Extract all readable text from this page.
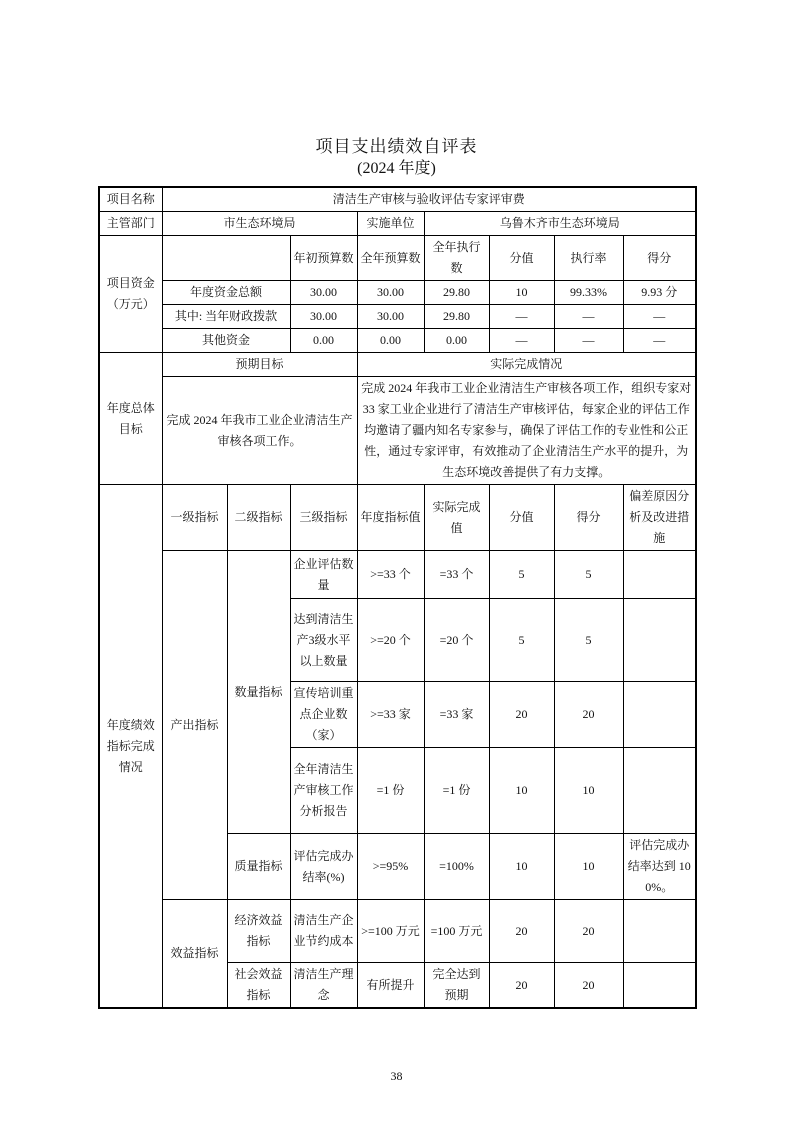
项目支出绩效自评表
(2024 年度)
项目名称	清洁生产审核与验收评估专家评审费							
主管部门	市生态环境局			实施单位	乌鲁木齐市生态环境局			
项目资金（万元）			年初预算数	全年预算数	全年执行数	分值	执行率	得分
	年度资金总额		30.00	30.00	29.80	10	99.33%	9.93 分
	其中: 当年财政拨款		30.00	30.00	29.80	—	—	—
	其他资金		0.00	0.00	0.00	—	—	—
年度总体目标	预期目标			实际完成情况				
	完成 2024 年我市工业企业清洁生产审核各项工作。			完成 2024 年我市工业企业清洁生产审核各项工作，组织专家对 33 家工业企业进行了清洁生产审核评估，每家企业的评估工作均邀请了疆内知名专家参与，确保了评估工作的专业性和公正性，通过专家评审，有效推动了企业清洁生产水平的提升，为生态环境改善提供了有力支撑。				
年度绩效指标完成情况	一级指标	二级指标	三级指标	年度指标值	实际完成值	分值	得分	偏差原因分析及改进措施
	产出指标	数量指标	企业评估数量	>=33 个	=33 个	5	5	
			达到清洁生产3级水平以上数量	>=20 个	=20 个	5	5	
			宣传培训重点企业数（家）	>=33 家	=33 家	20	20	
			全年清洁生产审核工作分析报告	=1 份	=1 份	10	10	
		质量指标	评估完成办结率(%)	>=95%	=100%	10	10	评估完成办结率达到 100%。
	效益指标	经济效益指标	清洁生产企业节约成本	>=100 万元	=100 万元	20	20	
		社会效益指标	清洁生产理念	有所提升	完全达到预期	20	20	
38
